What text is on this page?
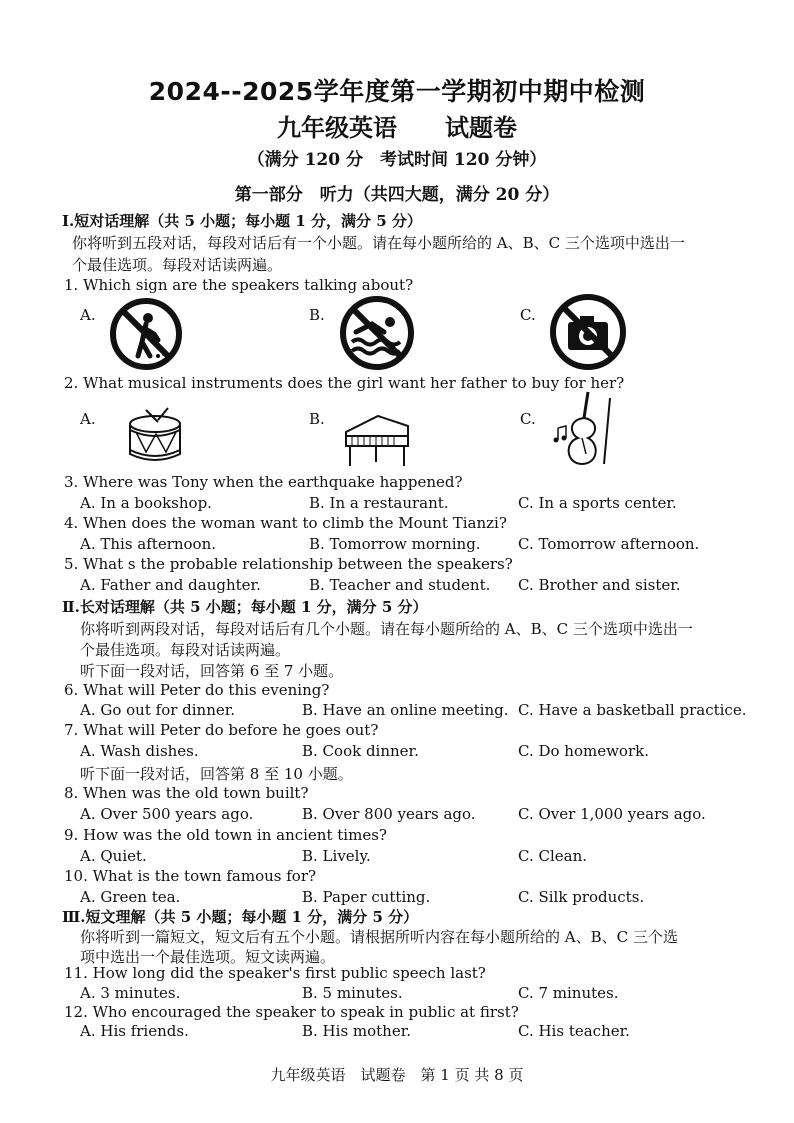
2024--2025学年度第一学期初中期中检测
九年级英语　　试题卷
（满分 120 分　考试时间 120 分钟）
第一部分　听力（共四大题，满分 20 分）
Ⅰ.短对话理解（共 5 小题；每小题 1 分，满分 5 分）
你将听到五段对话，每段对话后有一个小题。请在每小题所给的 A、B、C 三个选项中选出一
个最佳选项。每段对话读两遍。
1. Which sign are the speakers talking about?
A.	B.	C.
2. What musical instruments does the girl want her father to buy for her?
A.	B.	C.
3. Where was Tony when the earthquake happened?
A. In a bookshop.	B. In a restaurant.	C. In a sports center.
4. When does the woman want to climb the Mount Tianzi?
A. This afternoon.	B. Tomorrow morning. C. Tomorrow afternoon.
5. What s the probable relationship between the speakers?
A. Father and daughter.	B. Teacher and student. C. Brother and sister.
Ⅱ.长对话理解（共 5 小题；每小题 1 分，满分 5 分）
你将听到两段对话，每段对话后有几个小题。请在每小题所给的 A、B、C 三个选项中选出一
个最佳选项。每段对话读两遍。
听下面一段对话，回答第 6 至 7 小题。
6. What will Peter do this evening?
A. Go out for dinner.	B. Have an online meeting. C. Have a basketball practice.
7. What will Peter do before he goes out?
A. Wash dishes.	B. Cook dinner.	C. Do homework.
听下面一段对话，回答第 8 至 10 小题。
8. When was the old town built?
A. Over 500 years ago.	B. Over 800 years ago.	C. Over 1,000 years ago.
9. How was the old town in ancient times?
A. Quiet.	B. Lively.	C. Clean.
10. What is the town famous for?
A. Green tea.	B. Paper cutting.	C. Silk products.
Ⅲ.短文理解（共 5 小题；每小题 1 分，满分 5 分）
你将听到一篇短文，短文后有五个小题。请根据所听内容在每小题所给的 A、B、C 三个选
项中选出一个最佳选项。短文读两遍。
11. How long did the speaker's first public speech last?
A. 3 minutes.	B. 5 minutes.	C. 7 minutes.
12. Who encouraged the speaker to speak in public at first?
A. His friends.	B. His mother.	C. His teacher.
九年级英语　试题卷　第 1 页 共 8 页
